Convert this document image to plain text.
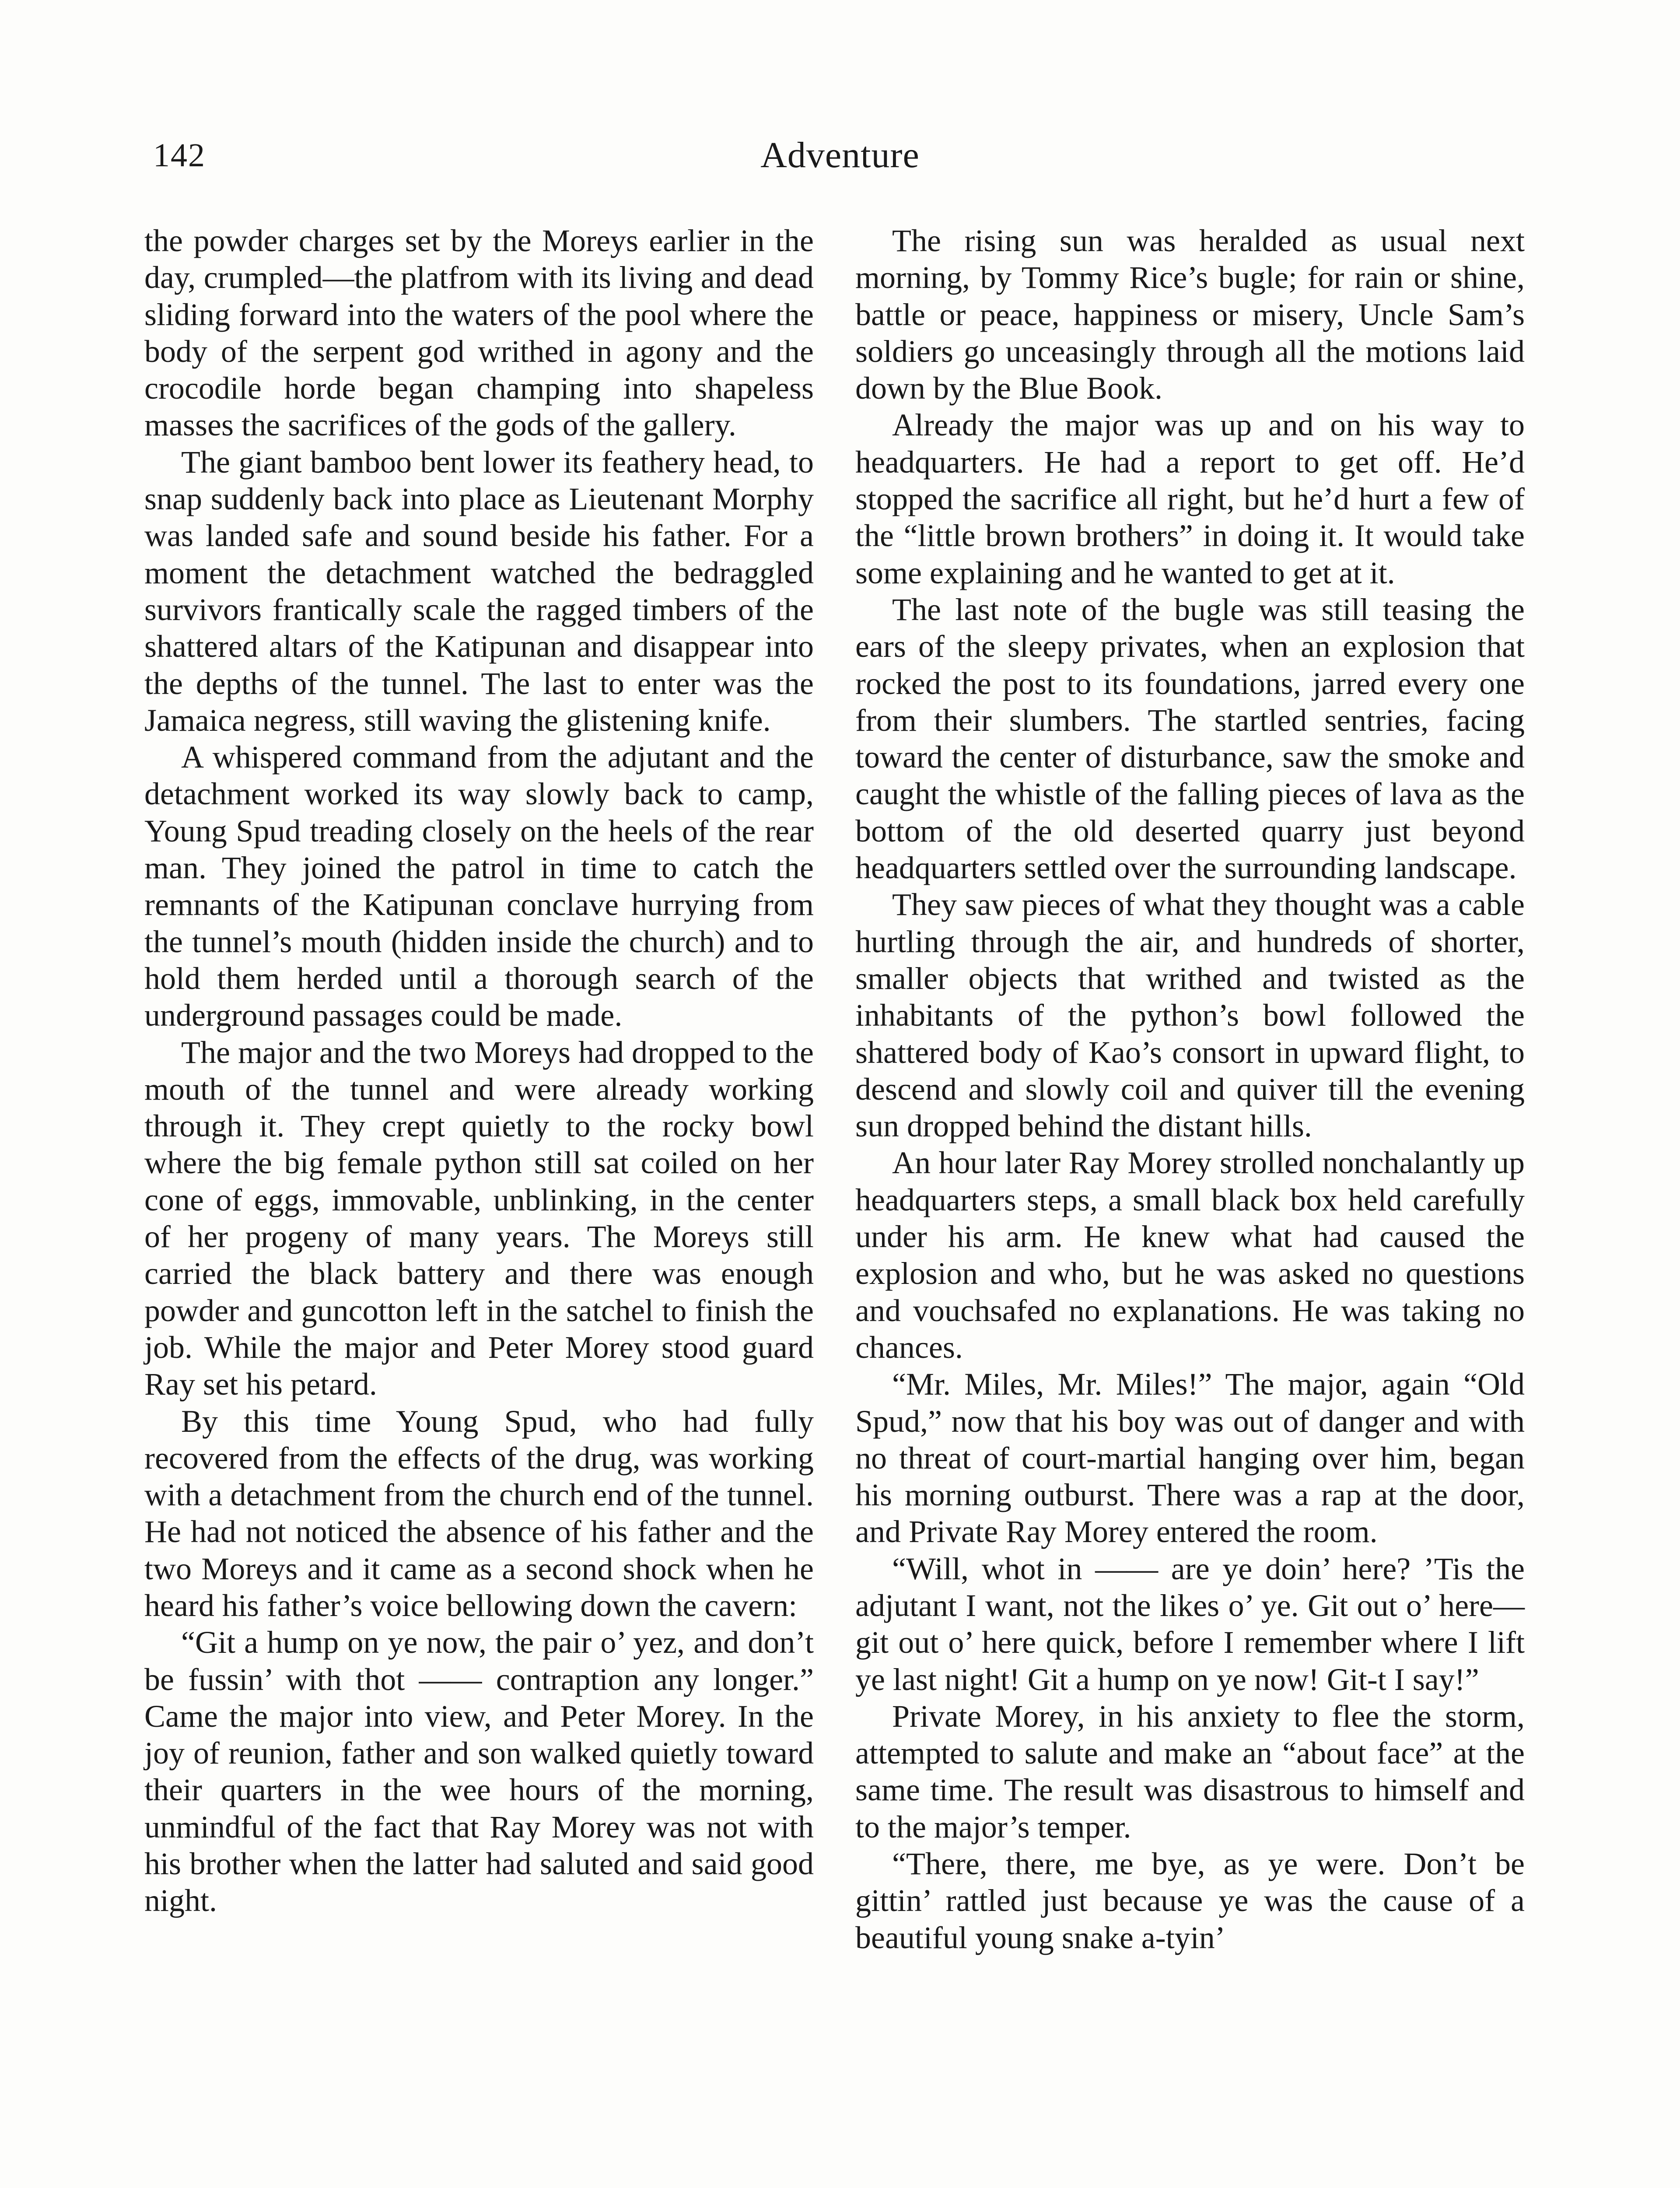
142	Adventure

the powder charges set by the Moreys earlier in the day, crumpled—the platfrom with its living and dead sliding forward into the waters of the pool where the body of the serpent god writhed in agony and the crocodile horde began champing into shapeless masses the sacrifices of the gods of the gallery.

The giant bamboo bent lower its feathery head, to snap suddenly back into place as Lieutenant Morphy was landed safe and sound beside his father. For a moment the detachment watched the bedraggled survivors frantically scale the ragged timbers of the shattered altars of the Katipunan and disappear into the depths of the tunnel. The last to enter was the Jamaica negress, still waving the glistening knife.

A whispered command from the adjutant and the detachment worked its way slowly back to camp, Young Spud treading closely on the heels of the rear man. They joined the patrol in time to catch the remnants of the Katipunan conclave hurrying from the tunnel’s mouth (hidden inside the church) and to hold them herded until a thorough search of the underground passages could be made.

The major and the two Moreys had dropped to the mouth of the tunnel and were already working through it. They crept quietly to the rocky bowl where the big female python still sat coiled on her cone of eggs, immovable, unblinking, in the center of her progeny of many years. The Moreys still carried the black battery and there was enough powder and guncotton left in the satchel to finish the job. While the major and Peter Morey stood guard Ray set his petard.

By this time Young Spud, who had fully recovered from the effects of the drug, was working with a detachment from the church end of the tunnel. He had not noticed the absence of his father and the two Moreys and it came as a second shock when he heard his father’s voice bellowing down the cavern:

“Git a hump on ye now, the pair o’ yez, and don’t be fussin’ with thot —— contraption any longer.” Came the major into view, and Peter Morey. In the joy of reunion, father and son walked quietly toward their quarters in the wee hours of the morning, unmindful of the fact that Ray Morey was not with his brother when the latter had saluted and said good night.

The rising sun was heralded as usual next morning, by Tommy Rice’s bugle; for rain or shine, battle or peace, happiness or misery, Uncle Sam’s soldiers go unceasingly through all the motions laid down by the Blue Book.

Already the major was up and on his way to headquarters. He had a report to get off. He’d stopped the sacrifice all right, but he’d hurt a few of the “little brown brothers” in doing it. It would take some explaining and he wanted to get at it.

The last note of the bugle was still teasing the ears of the sleepy privates, when an explosion that rocked the post to its foundations, jarred every one from their slumbers. The startled sentries, facing toward the center of disturbance, saw the smoke and caught the whistle of the falling pieces of lava as the bottom of the old deserted quarry just beyond headquarters settled over the surrounding landscape.

They saw pieces of what they thought was a cable hurtling through the air, and hundreds of shorter, smaller objects that writhed and twisted as the inhabitants of the python’s bowl followed the shattered body of Kao’s consort in upward flight, to descend and slowly coil and quiver till the evening sun dropped behind the distant hills.

An hour later Ray Morey strolled nonchalantly up headquarters steps, a small black box held carefully under his arm. He knew what had caused the explosion and who, but he was asked no questions and vouchsafed no explanations. He was taking no chances.

“Mr. Miles, Mr. Miles!” The major, again “Old Spud,” now that his boy was out of danger and with no threat of court-martial hanging over him, began his morning outburst. There was a rap at the door, and Private Ray Morey entered the room.

“Will, whot in —— are ye doin’ here? ’Tis the adjutant I want, not the likes o’ ye. Git out o’ here—git out o’ here quick, before I remember where I lift ye last night! Git a hump on ye now! Git-t I say!”

Private Morey, in his anxiety to flee the storm, attempted to salute and make an “about face” at the same time. The result was disastrous to himself and to the major’s temper.

“There, there, me bye, as ye were. Don’t be gittin’ rattled just because ye was the cause of a beautiful young snake a-tyin’
